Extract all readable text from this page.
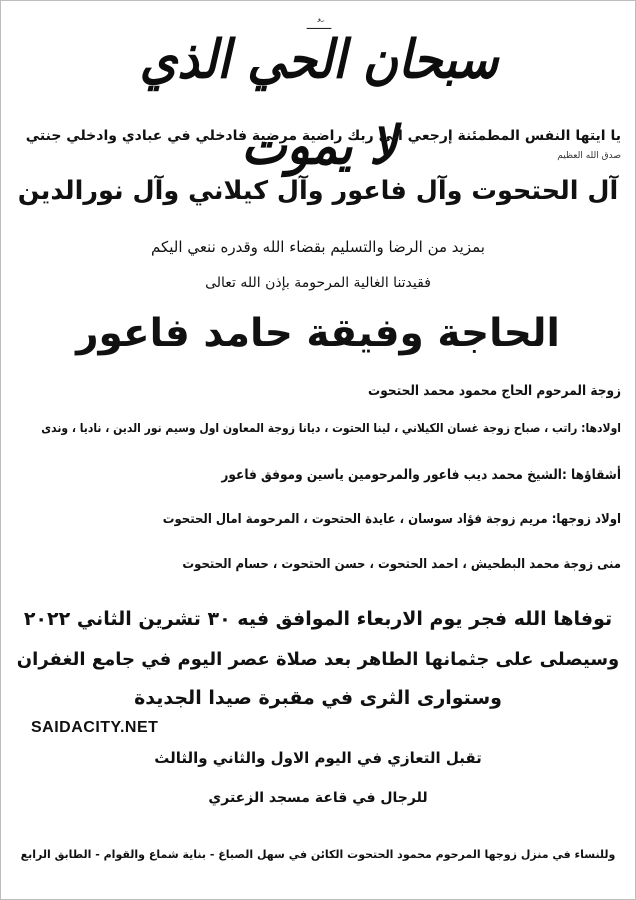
ـــَـُـــ
سبحان الحي الذي لا يموت
يا ايتها النفس المطمئنة إرجعي الى ربك راضية مرضية فادخلي في عبادي وادخلي جنتي
صدق الله العظيم
آل الحتحوت وآل فاعور وآل كيلاني وآل نورالدين
بمزيد من الرضا والتسليم بقضاء الله وقدره ننعي اليكم
فقيدتنا الغالية المرحومة بإذن الله تعالى
الحاجة وفيقة حامد فاعور
زوجة المرحوم الحاج محمود محمد الحتحوت
اولادها: راتب ، صباح زوجة غسان الكيلاني ، لينا الحتوت ، ديانا زوجة المعاون اول وسيم نور الدين ، ناديا ، وندى
أشقاؤها :الشيخ محمد ديب فاعور والمرحومين ياسين وموفق فاعور
اولاد زوجها: مريم زوجة فؤاد سوسان ، عايدة الحتحوت ، المرحومة امال الحتحوت
منى زوجة محمد البطحيش ، احمد الحتحوت ، حسن الحتحوت ، حسام الحتحوت
توفاها الله فجر يوم الاربعاء الموافق فيه ٣٠ تشرين الثاني ٢٠٢٢
وسيصلى على جثمانها الطاهر بعد صلاة عصر اليوم في جامع الغفران
وستوارى الثرى في مقبرة صيدا الجديدة
SAIDACITY.NET
تقبل التعازي في اليوم الاول والثاني والثالث
للرجال في قاعة مسجد الزعتري
وللنساء في منزل زوجها المرحوم محمود الحتحوت الكائن في سهل الصباغ - بناية شماع والقوام - الطابق الرابع
